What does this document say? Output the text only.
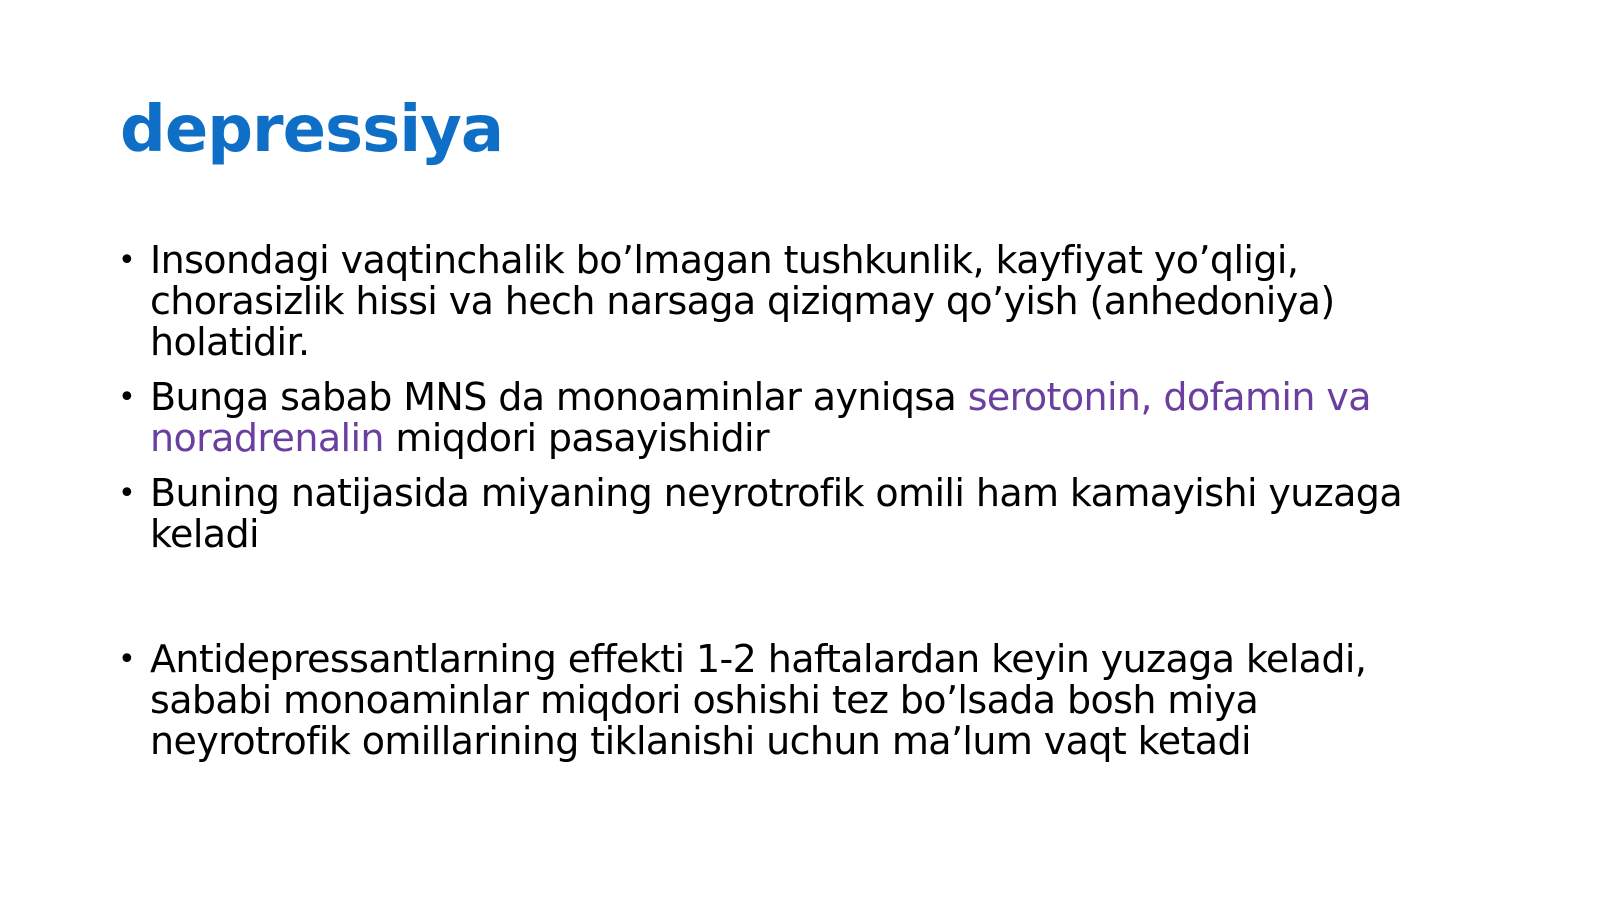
depressiya
• Insondagi vaqtinchalik bo’lmagan tushkunlik, kayfiyat yo’qligi, chorasizlik hissi va hech narsaga qiziqmay qo’yish (anhedoniya) holatidir.
• Bunga sabab MNS da monoaminlar ayniqsa serotonin, dofamin va noradrenalin miqdori pasayishidir
• Buning natijasida miyaning neyrotrofik omili ham kamayishi yuzaga keladi
• Antidepressantlarning effekti 1-2 haftalardan keyin yuzaga keladi, sababi monoaminlar miqdori oshishi tez bo’lsada bosh miya neyrotrofik omillarining tiklanishi uchun ma’lum vaqt ketadi
